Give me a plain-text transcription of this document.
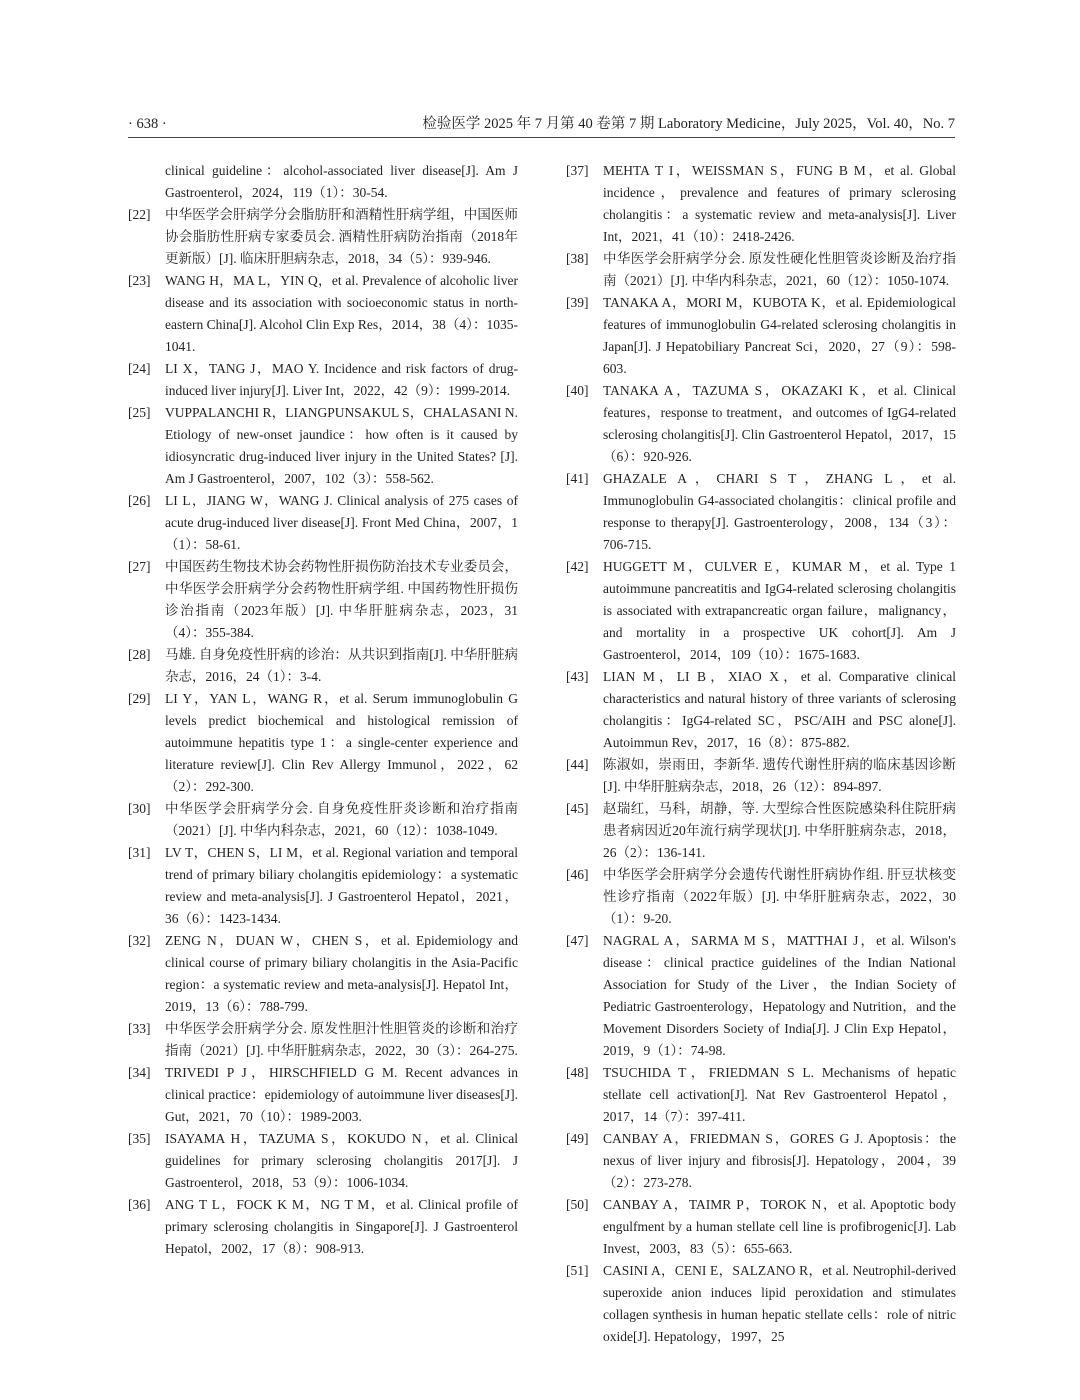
· 638 ·	检验医学 2025 年 7 月第 40 卷第 7 期 Laboratory Medicine，July 2025，Vol. 40，No. 7
clinical guideline：alcohol-associated liver disease[J]. Am J Gastroenterol，2024，119（1）：30-54.
[22] 中华医学会肝病学分会脂肪肝和酒精性肝病学组，中国医师协会脂肪性肝病专家委员会. 酒精性肝病防治指南（2018年更新版）[J]. 临床肝胆病杂志，2018，34（5）：939-946.
[23] WANG H，MA L，YIN Q，et al. Prevalence of alcoholic liver disease and its association with socioeconomic status in north-eastern China[J]. Alcohol Clin Exp Res，2014，38（4）：1035-1041.
[24] LI X，TANG J，MAO Y. Incidence and risk factors of drug-induced liver injury[J]. Liver Int，2022，42（9）：1999-2014.
[25] VUPPALANCHI R，LIANGPUNSAKUL S，CHALASANI N. Etiology of new-onset jaundice：how often is it caused by idiosyncratic drug-induced liver injury in the United States? [J]. Am J Gastroenterol，2007，102（3）：558-562.
[26] LI L，JIANG W，WANG J. Clinical analysis of 275 cases of acute drug-induced liver disease[J]. Front Med China，2007，1（1）：58-61.
[27] 中国医药生物技术协会药物性肝损伤防治技术专业委员会，中华医学会肝病学分会药物性肝病学组. 中国药物性肝损伤诊治指南（2023年版）[J]. 中华肝脏病杂志，2023，31（4）：355-384.
[28] 马雄. 自身免疫性肝病的诊治：从共识到指南[J]. 中华肝脏病杂志，2016，24（1）：3-4.
[29] LI Y，YAN L，WANG R，et al. Serum immunoglobulin G levels predict biochemical and histological remission of autoimmune hepatitis type 1：a single-center experience and literature review[J]. Clin Rev Allergy Immunol，2022，62（2）：292-300.
[30] 中华医学会肝病学分会. 自身免疫性肝炎诊断和治疗指南（2021）[J]. 中华内科杂志，2021，60（12）：1038-1049.
[31] LV T，CHEN S，LI M，et al. Regional variation and temporal trend of primary biliary cholangitis epidemiology：a systematic review and meta-analysis[J]. J Gastroenterol Hepatol，2021，36（6）：1423-1434.
[32] ZENG N，DUAN W，CHEN S，et al. Epidemiology and clinical course of primary biliary cholangitis in the Asia-Pacific region：a systematic review and meta-analysis[J]. Hepatol Int，2019，13（6）：788-799.
[33] 中华医学会肝病学分会. 原发性胆汁性胆管炎的诊断和治疗指南（2021）[J]. 中华肝脏病杂志，2022，30（3）：264-275.
[34] TRIVEDI P J，HIRSCHFIELD G M. Recent advances in clinical practice：epidemiology of autoimmune liver diseases[J]. Gut，2021，70（10）：1989-2003.
[35] ISAYAMA H，TAZUMA S，KOKUDO N，et al. Clinical guidelines for primary sclerosing cholangitis 2017[J]. J Gastroenterol，2018，53（9）：1006-1034.
[36] ANG T L，FOCK K M，NG T M，et al. Clinical profile of primary sclerosing cholangitis in Singapore[J]. J Gastroenterol Hepatol，2002，17（8）：908-913.
[37] MEHTA T I，WEISSMAN S，FUNG B M，et al. Global incidence，prevalence and features of primary sclerosing cholangitis：a systematic review and meta-analysis[J]. Liver Int，2021，41（10）：2418-2426.
[38] 中华医学会肝病学分会. 原发性硬化性胆管炎诊断及治疗指南（2021）[J]. 中华内科杂志，2021，60（12）：1050-1074.
[39] TANAKA A，MORI M，KUBOTA K，et al. Epidemiological features of immunoglobulin G4-related sclerosing cholangitis in Japan[J]. J Hepatobiliary Pancreat Sci，2020，27（9）：598-603.
[40] TANAKA A，TAZUMA S，OKAZAKI K，et al. Clinical features，response to treatment，and outcomes of IgG4-related sclerosing cholangitis[J]. Clin Gastroenterol Hepatol，2017，15（6）：920-926.
[41] GHAZALE A，CHARI S T，ZHANG L，et al. Immunoglobulin G4-associated cholangitis：clinical profile and response to therapy[J]. Gastroenterology，2008，134（3）：706-715.
[42] HUGGETT M，CULVER E，KUMAR M，et al. Type 1 autoimmune pancreatitis and IgG4-related sclerosing cholangitis is associated with extrapancreatic organ failure，malignancy，and mortality in a prospective UK cohort[J]. Am J Gastroenterol，2014，109（10）：1675-1683.
[43] LIAN M，LI B，XIAO X，et al. Comparative clinical characteristics and natural history of three variants of sclerosing cholangitis：IgG4-related SC，PSC/AIH and PSC alone[J]. Autoimmun Rev，2017，16（8）：875-882.
[44] 陈淑如，崇雨田，李新华. 遗传代谢性肝病的临床基因诊断[J]. 中华肝脏病杂志，2018，26（12）：894-897.
[45] 赵瑞红，马科，胡静，等. 大型综合性医院感染科住院肝病患者病因近20年流行病学现状[J]. 中华肝脏病杂志，2018，26（2）：136-141.
[46] 中华医学会肝病学分会遗传代谢性肝病协作组. 肝豆状核变性诊疗指南（2022年版）[J]. 中华肝脏病杂志，2022，30（1）：9-20.
[47] NAGRAL A，SARMA M S，MATTHAI J，et al. Wilson's disease：clinical practice guidelines of the Indian National Association for Study of the Liver，the Indian Society of Pediatric Gastroenterology，Hepatology and Nutrition，and the Movement Disorders Society of India[J]. J Clin Exp Hepatol，2019，9（1）：74-98.
[48] TSUCHIDA T，FRIEDMAN S L. Mechanisms of hepatic stellate cell activation[J]. Nat Rev Gastroenterol Hepatol，2017，14（7）：397-411.
[49] CANBAY A，FRIEDMAN S，GORES G J. Apoptosis：the nexus of liver injury and fibrosis[J]. Hepatology，2004，39（2）：273-278.
[50] CANBAY A，TAIMR P，TOROK N，et al. Apoptotic body engulfment by a human stellate cell line is profibrogenic[J]. Lab Invest，2003，83（5）：655-663.
[51] CASINI A，CENI E，SALZANO R，et al. Neutrophil-derived superoxide anion induces lipid peroxidation and stimulates collagen synthesis in human hepatic stellate cells：role of nitric oxide[J]. Hepatology，1997，25
